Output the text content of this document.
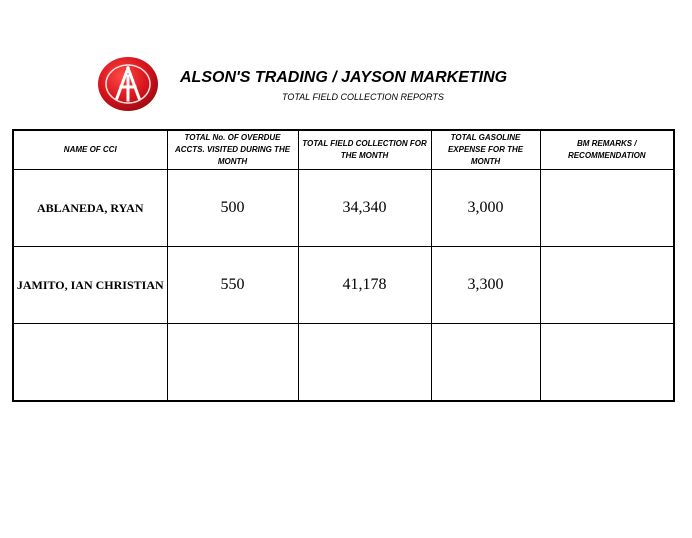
ALSON'S TRADING / JAYSON MARKETING
TOTAL FIELD COLLECTION REPORTS
NAME OF CCI	TOTAL No. OF OVERDUE ACCTS. VISITED DURING THE MONTH	TOTAL FIELD COLLECTION FOR THE MONTH	TOTAL GASOLINE EXPENSE FOR THE MONTH	BM REMARKS / RECOMMENDATION
ABLANEDA, RYAN	500	34,340	3,000	
JAMITO, IAN CHRISTIAN	550	41,178	3,300	
